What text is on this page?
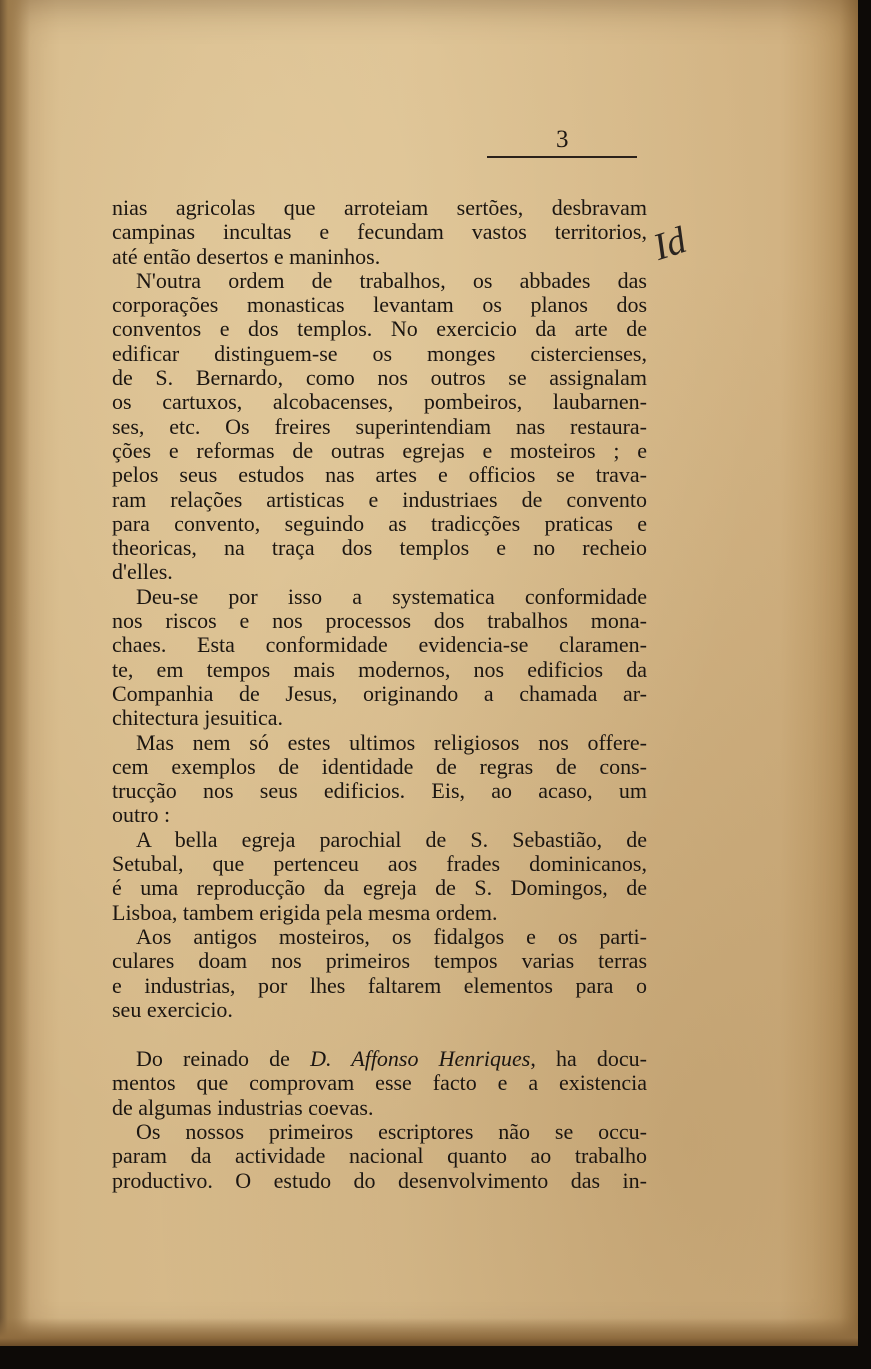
3
Id
nias agricolas que arroteiam sertões, desbravam
campinas incultas e fecundam vastos territorios,
até então desertos e maninhos.
N'outra ordem de trabalhos, os abbades das
corporações monasticas levantam os planos dos
conventos e dos templos. No exercicio da arte de
edificar distinguem-se os monges cistercienses,
de S. Bernardo, como nos outros se assignalam
os cartuxos, alcobacenses, pombeiros, laubarnen-
ses, etc. Os freires superintendiam nas restaura-
ções e reformas de outras egrejas e mosteiros ; e
pelos seus estudos nas artes e officios se trava-
ram relações artisticas e industriaes de convento
para convento, seguindo as tradicções praticas e
theoricas, na traça dos templos e no recheio
d'elles.
Deu-se por isso a systematica conformidade
nos riscos e nos processos dos trabalhos mona-
chaes. Esta conformidade evidencia-se claramen-
te, em tempos mais modernos, nos edificios da
Companhia de Jesus, originando a chamada ar-
chitectura jesuitica.
Mas nem só estes ultimos religiosos nos offere-
cem exemplos de identidade de regras de cons-
trucção nos seus edificios. Eis, ao acaso, um
outro :
A bella egreja parochial de S. Sebastião, de
Setubal, que pertenceu aos frades dominicanos,
é uma reproducção da egreja de S. Domingos, de
Lisboa, tambem erigida pela mesma ordem.
Aos antigos mosteiros, os fidalgos e os parti-
culares doam nos primeiros tempos varias terras
e industrias, por lhes faltarem elementos para o
seu exercicio.
Do reinado de D. Affonso Henriques, ha docu-
mentos que comprovam esse facto e a existencia
de algumas industrias coevas.
Os nossos primeiros escriptores não se occu-
param da actividade nacional quanto ao trabalho
productivo. O estudo do desenvolvimento das in-
